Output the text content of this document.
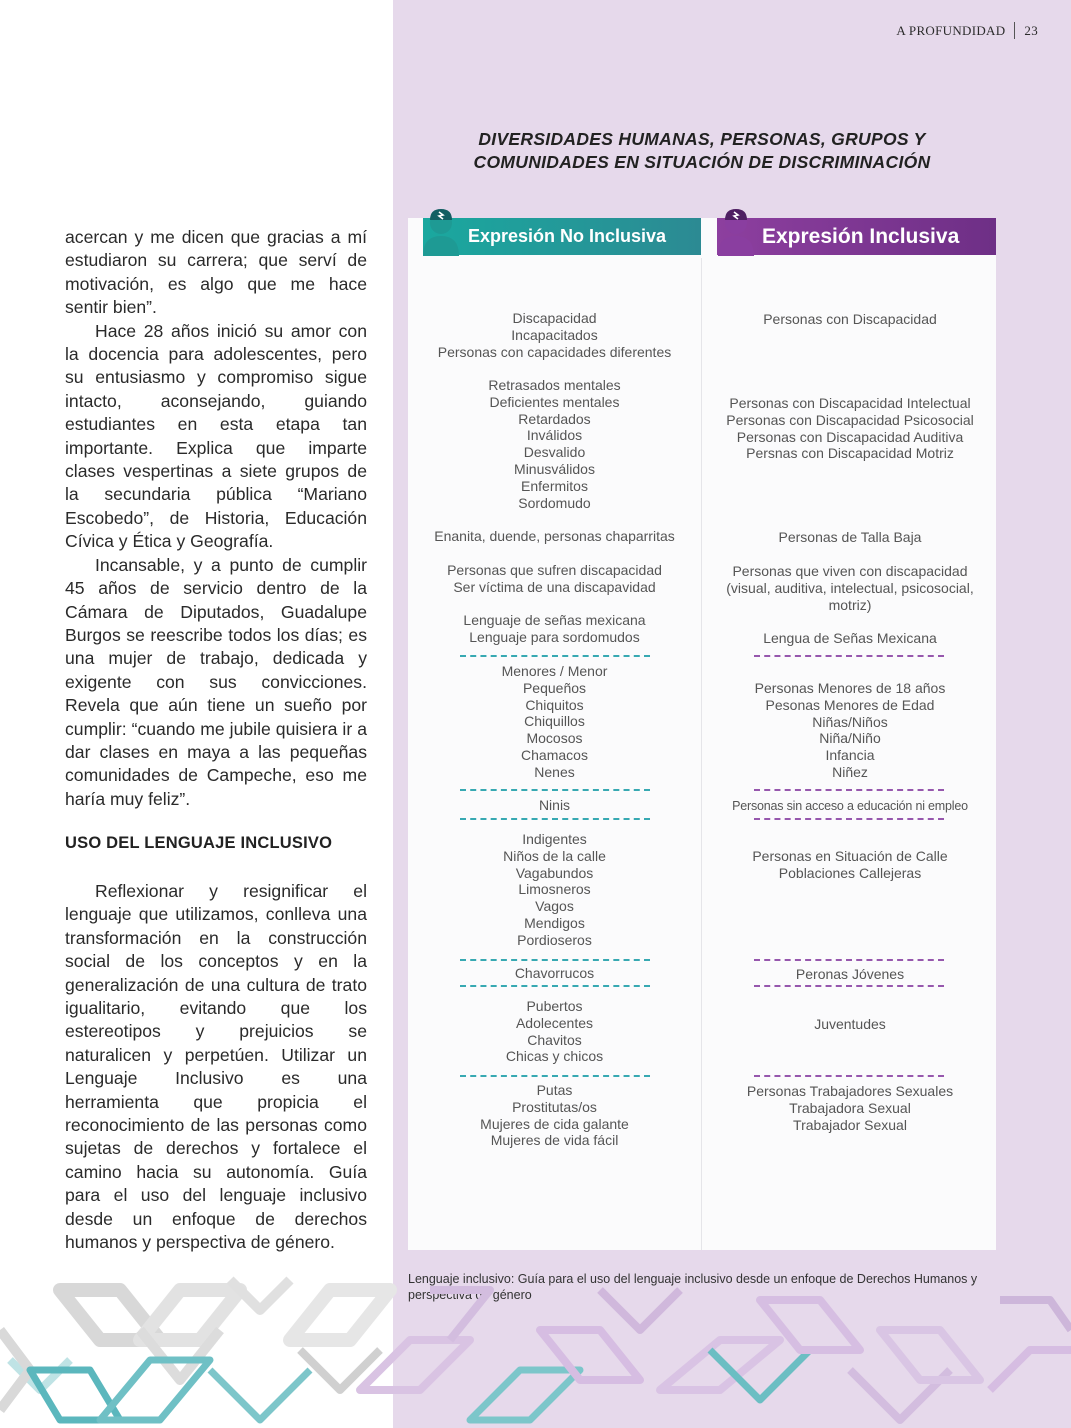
A PROFUNDIDAD 23
DIVERSIDADES HUMANAS, PERSONAS, GRUPOS Y
COMUNIDADES EN SITUACIÓN DE DISCRIMINACIÓN

acercan y me dicen que gracias a mí estudiaron su carrera; que serví de motivación, es algo que me hace sentir bien”.

Hace 28 años inició su amor con la docencia para adolescentes, pero su entusiasmo y compromiso sigue intacto, aconsejando, guiando estudiantes en esta etapa tan importante. Explica que imparte clases vespertinas a siete grupos de la secundaria pública “Mariano Escobedo”, de Historia, Educación Cívica y Ética y Geografía.

Incansable, y a punto de cumplir 45 años de servicio dentro de la Cámara de Diputados, Guadalupe Burgos se reescribe todos los días; es una mujer de trabajo, dedicada y exigente con sus convicciones. Revela que aún tiene un sueño por cumplir: “cuando me jubile quisiera ir a dar clases en maya a las pequeñas comunidades de Campeche, eso me haría muy feliz”.

USO DEL LENGUAJE INCLUSIVO

Reflexionar y resignificar el lenguaje que utilizamos, conlleva una transformación en la construcción social de los conceptos y en la generalización de una cultura de trato igualitario, evitando que los estereotipos y prejuicios se naturalicen y perpetúen. Utilizar un Lenguaje Inclusivo es una herramienta que propicia el reconocimiento de las personas como sujetas de derechos y fortalece el camino hacia su autonomía. Guía para el uso del lenguaje inclusivo desde un enfoque de derechos humanos y perspectiva de género.

Expresión No Inclusiva	Expresión Inclusiva
Discapacidad
Incapacitados
Personas con capacidades diferentes
Retrasados mentales
Deficientes mentales
Retardados
Inválidos
Desvalido
Minusválidos
Enfermitos
Sordomudo
Enanita, duende, personas chaparritas
Personas que sufren discapacidad
Ser víctima de una discapavidad
Lenguaje de señas mexicana
Lenguaje para sordomudos
Menores / Menor
Pequeños
Chiquitos
Chiquillos
Mocosos
Chamacos
Nenes
Ninis
Indigentes
Niños de la calle
Vagabundos
Limosneros
Vagos
Mendigos
Pordioseros
Chavorrucos
Pubertos
Adolecentes
Chavitos
Chicas y chicos
Putas
Prostitutas/os
Mujeres de cida galante
Mujeres de vida fácil
Personas con Discapacidad
Personas con Discapacidad Intelectual
Personas con Discapacidad Psicosocial
Personas con Discapacidad Auditiva
Persnas con Discapacidad Motriz
Personas de Talla Baja
Personas que viven con discapacidad
(visual, auditiva, intelectual, psicosocial,
motriz)
Lengua de Señas Mexicana
Personas Menores de 18 años
Pesonas Menores de Edad
Niñas/Niños
Niña/Niño
Infancia
Niñez
Personas sin acceso a educación ni empleo
Personas en Situación de Calle
Poblaciones Callejeras
Peronas Jóvenes
Juventudes
Personas Trabajadores Sexuales
Trabajadora Sexual
Trabajador Sexual
Lenguaje inclusivo: Guía para el uso del lenguaje inclusivo desde un enfoque de Derechos Humanos y perspectiva de género
